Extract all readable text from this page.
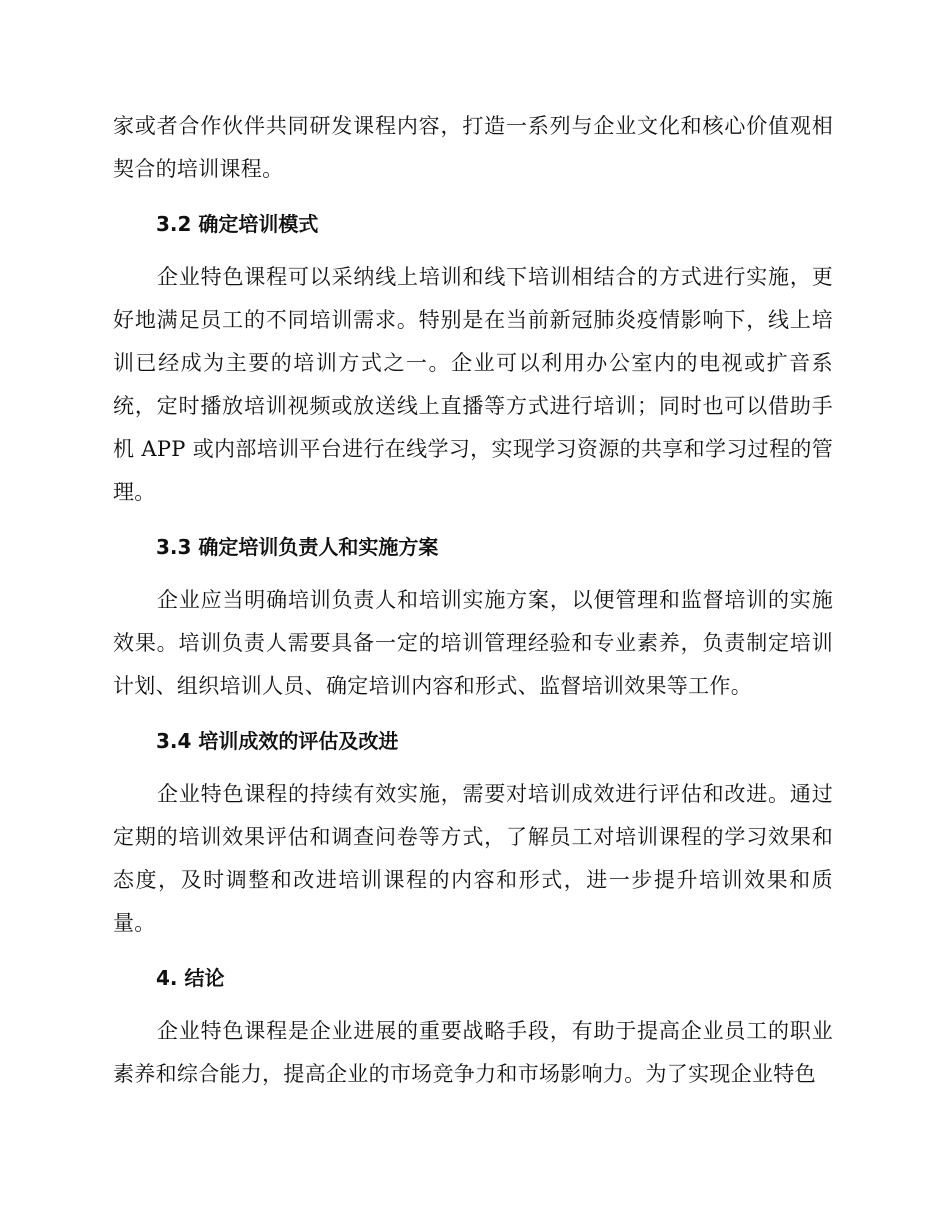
家或者合作伙伴共同研发课程内容，打造一系列与企业文化和核心价值观相契合的培训课程。

3.2 确定培训模式

企业特色课程可以采纳线上培训和线下培训相结合的方式进行实施，更好地满足员工的不同培训需求。特别是在当前新冠肺炎疫情影响下，线上培训已经成为主要的培训方式之一。企业可以利用办公室内的电视或扩音系统，定时播放培训视频或放送线上直播等方式进行培训；同时也可以借助手机 APP 或内部培训平台进行在线学习，实现学习资源的共享和学习过程的管理。

3.3 确定培训负责人和实施方案

企业应当明确培训负责人和培训实施方案，以便管理和监督培训的实施效果。培训负责人需要具备一定的培训管理经验和专业素养，负责制定培训计划、组织培训人员、确定培训内容和形式、监督培训效果等工作。

3.4 培训成效的评估及改进

企业特色课程的持续有效实施，需要对培训成效进行评估和改进。通过定期的培训效果评估和调查问卷等方式，了解员工对培训课程的学习效果和态度，及时调整和改进培训课程的内容和形式，进一步提升培训效果和质量。

4. 结论

企业特色课程是企业进展的重要战略手段，有助于提高企业员工的职业素养和综合能力，提高企业的市场竞争力和市场影响力。为了实现企业特色
